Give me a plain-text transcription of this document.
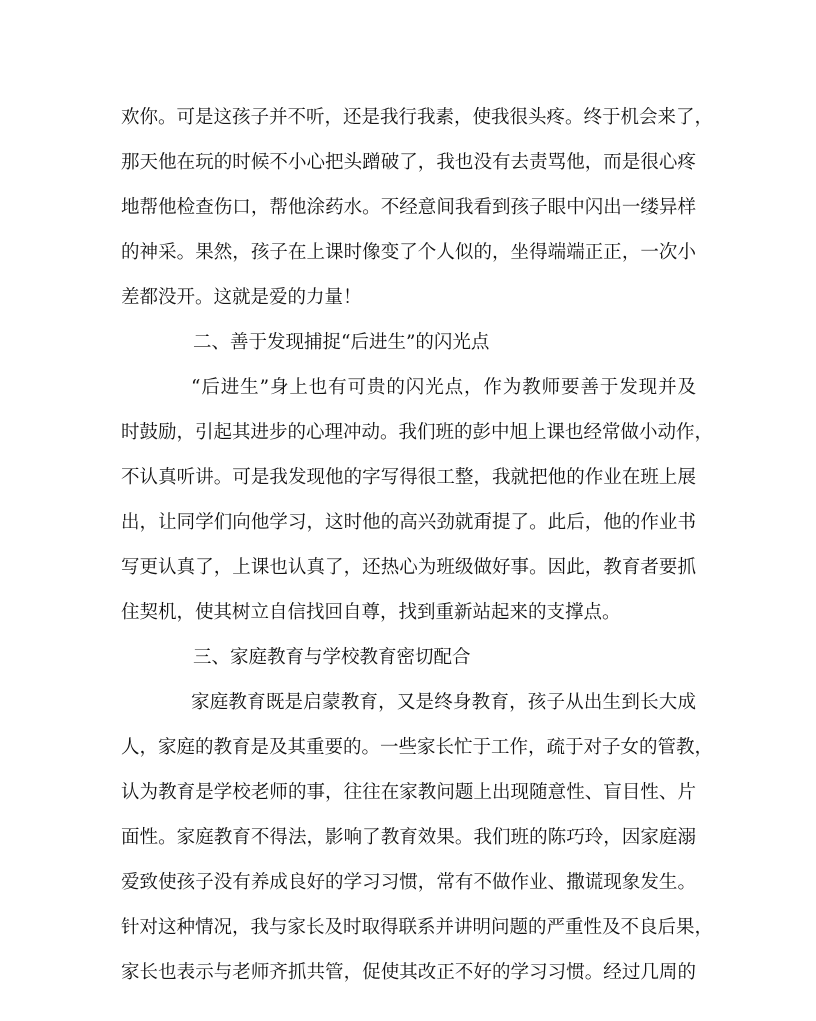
欢你。可是这孩子并不听，还是我行我素，使我很头疼。终于机会来了，
那天他在玩的时候不小心把头蹭破了，我也没有去责骂他，而是很心疼
地帮他检查伤口，帮他涂药水。不经意间我看到孩子眼中闪出一缕异样
的神采。果然，孩子在上课时像变了个人似的，坐得端端正正，一次小
差都没开。这就是爱的力量！
二、善于发现捕捉“后进生”的闪光点
“后进生”身上也有可贵的闪光点，作为教师要善于发现并及
时鼓励，引起其进步的心理冲动。我们班的彭中旭上课也经常做小动作，
不认真听讲。可是我发现他的字写得很工整，我就把他的作业在班上展
出，让同学们向他学习，这时他的高兴劲就甭提了。此后，他的作业书
写更认真了，上课也认真了，还热心为班级做好事。因此，教育者要抓
住契机，使其树立自信找回自尊，找到重新站起来的支撑点。
三、家庭教育与学校教育密切配合
家庭教育既是启蒙教育，又是终身教育，孩子从出生到长大成
人，家庭的教育是及其重要的。一些家长忙于工作，疏于对子女的管教，
认为教育是学校老师的事，往往在家教问题上出现随意性、盲目性、片
面性。家庭教育不得法，影响了教育效果。我们班的陈巧玲，因家庭溺
爱致使孩子没有养成良好的学习习惯，常有不做作业、撒谎现象发生。
针对这种情况，我与家长及时取得联系并讲明问题的严重性及不良后果，
家长也表示与老师齐抓共管，促使其改正不好的学习习惯。经过几周的
